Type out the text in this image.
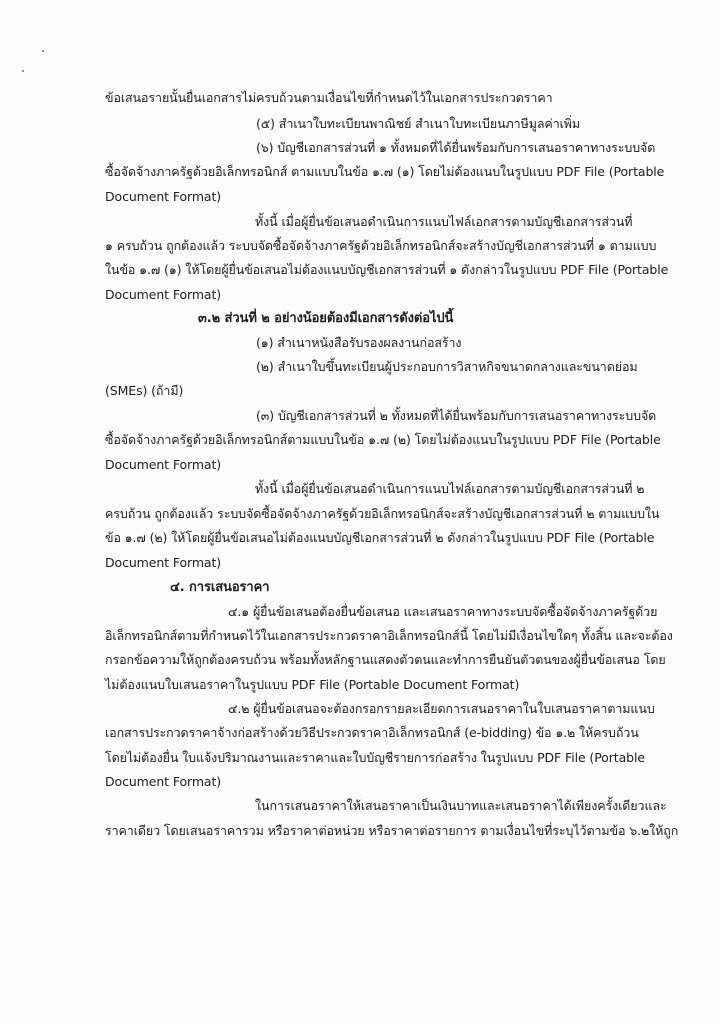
ข้อเสนอรายนั้นยื่นเอกสารไม่ครบถ้วนตามเงื่อนไขที่กำหนดไว้ในเอกสารประกวดราคา
(๕) สำเนาใบทะเบียนพาณิชย์ สำเนาใบทะเบียนภาษีมูลค่าเพิ่ม
(๖) บัญชีเอกสารส่วนที่ ๑ ทั้งหมดที่ได้ยื่นพร้อมกับการเสนอราคาทางระบบจัด
ซื้อจัดจ้างภาครัฐด้วยอิเล็กทรอนิกส์ ตามแบบในข้อ ๑.๗ (๑) โดยไม่ต้องแนบในรูปแบบ PDF File (Portable
Document Format)
ทั้งนี้ เมื่อผู้ยื่นข้อเสนอดำเนินการแนบไฟล์เอกสารตามบัญชีเอกสารส่วนที่
๑ ครบถ้วน ถูกต้องแล้ว ระบบจัดซื้อจัดจ้างภาครัฐด้วยอิเล็กทรอนิกส์จะสร้างบัญชีเอกสารส่วนที่ ๑ ตามแบบ
ในข้อ ๑.๗ (๑) ให้โดยผู้ยื่นข้อเสนอไม่ต้องแนบบัญชีเอกสารส่วนที่ ๑ ดังกล่าวในรูปแบบ PDF File (Portable
Document Format)
๓.๒ ส่วนที่ ๒ อย่างน้อยต้องมีเอกสารดังต่อไปนี้
(๑) สำเนาหนังสือรับรองผลงานก่อสร้าง
(๒) สำเนาใบขึ้นทะเบียนผู้ประกอบการวิสาหกิจขนาดกลางและขนาดย่อม
(SMEs) (ถ้ามี)
(๓) บัญชีเอกสารส่วนที่ ๒ ทั้งหมดที่ได้ยื่นพร้อมกับการเสนอราคาทางระบบจัด
ซื้อจัดจ้างภาครัฐด้วยอิเล็กทรอนิกส์ตามแบบในข้อ ๑.๗ (๒) โดยไม่ต้องแนบในรูปแบบ PDF File (Portable
Document Format)
ทั้งนี้ เมื่อผู้ยื่นข้อเสนอดำเนินการแนบไฟล์เอกสารตามบัญชีเอกสารส่วนที่ ๒
ครบถ้วน ถูกต้องแล้ว ระบบจัดซื้อจัดจ้างภาครัฐด้วยอิเล็กทรอนิกส์จะสร้างบัญชีเอกสารส่วนที่ ๒ ตามแบบใน
ข้อ ๑.๗ (๒) ให้โดยผู้ยื่นข้อเสนอไม่ต้องแนบบัญชีเอกสารส่วนที่ ๒ ดังกล่าวในรูปแบบ PDF File (Portable
Document Format)
๔. การเสนอราคา
๔.๑ ผู้ยื่นข้อเสนอต้องยื่นข้อเสนอ และเสนอราคาทางระบบจัดซื้อจัดจ้างภาครัฐด้วย
อิเล็กทรอนิกส์ตามที่กำหนดไว้ในเอกสารประกวดราคาอิเล็กทรอนิกส์นี้ โดยไม่มีเงื่อนไขใดๆ ทั้งสิ้น และจะต้อง
กรอกข้อความให้ถูกต้องครบถ้วน พร้อมทั้งหลักฐานแสดงตัวตนและทำการยืนยันตัวตนของผู้ยื่นข้อเสนอ โดย
ไม่ต้องแนบใบเสนอราคาในรูปแบบ PDF File (Portable Document Format)
๔.๒ ผู้ยื่นข้อเสนอจะต้องกรอกรายละเอียดการเสนอราคาในใบเสนอราคาตามแนบ
เอกสารประกวดราคาจ้างก่อสร้างด้วยวิธีประกวดราคาอิเล็กทรอนิกส์ (e-bidding) ข้อ ๑.๒ ให้ครบถ้วน
โดยไม่ต้องยื่น ใบแจ้งปริมาณงานและราคาและใบบัญชีรายการก่อสร้าง ในรูปแบบ PDF File (Portable
Document Format)
ในการเสนอราคาให้เสนอราคาเป็นเงินบาทและเสนอราคาได้เพียงครั้งเดียวและ
ราคาเดียว โดยเสนอราคารวม หรือราคาต่อหน่วย หรือราคาต่อรายการ ตามเงื่อนไขที่ระบุไว้ตามข้อ ๖.๒ให้ถูก
